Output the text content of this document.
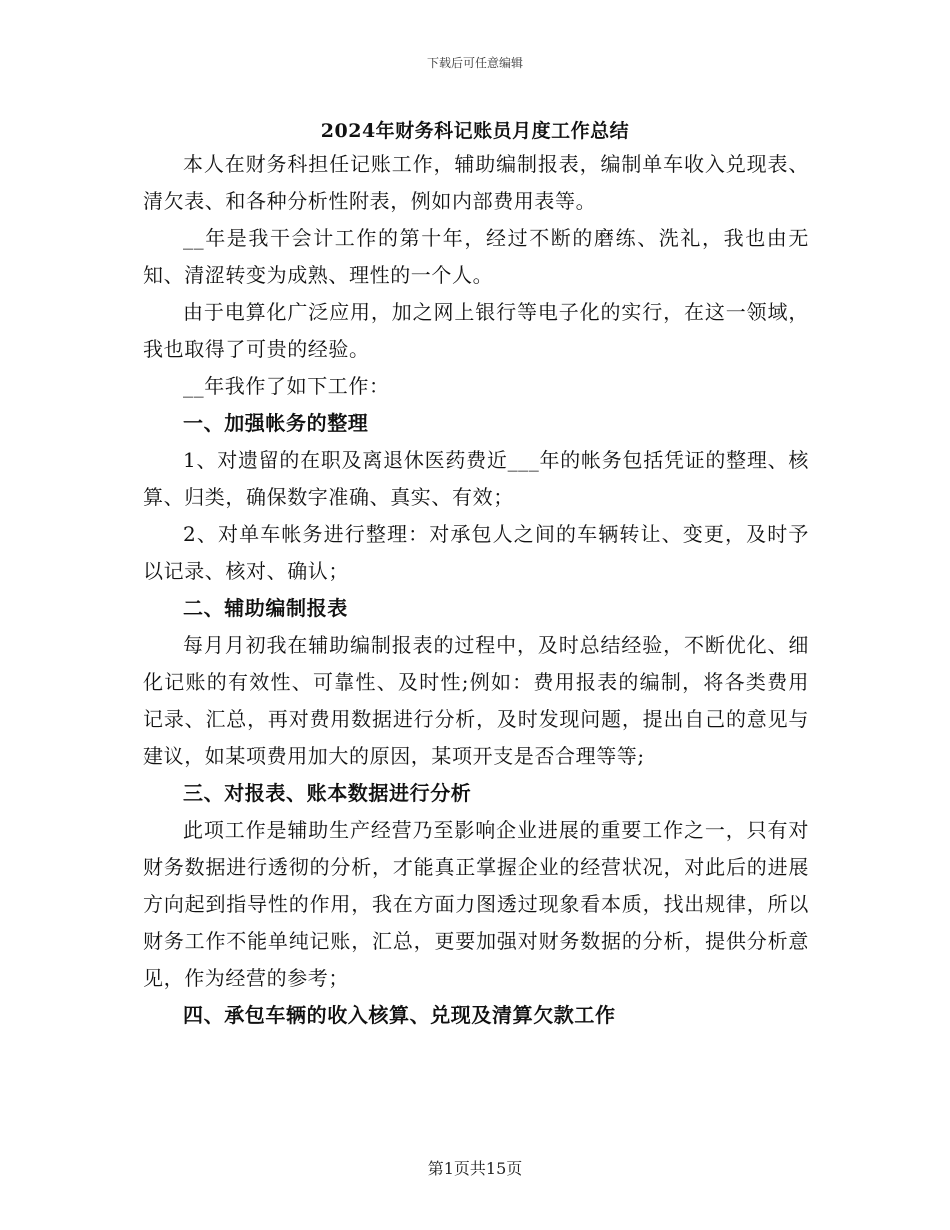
下载后可任意编辑
2024年财务科记账员月度工作总结

本人在财务科担任记账工作，辅助编制报表，编制单车收入兑现表、清欠表、和各种分析性附表，例如内部费用表等。

__年是我干会计工作的第十年，经过不断的磨练、洗礼，我也由无知、清涩转变为成熟、理性的一个人。

由于电算化广泛应用，加之网上银行等电子化的实行，在这一领域，我也取得了可贵的经验。

__年我作了如下工作：

一、加强帐务的整理

1、对遗留的在职及离退休医药费近___年的帐务包括凭证的整理、核算、归类，确保数字准确、真实、有效；

2、对单车帐务进行整理：对承包人之间的车辆转让、变更，及时予以记录、核对、确认；

二、辅助编制报表

每月月初我在辅助编制报表的过程中，及时总结经验，不断优化、细化记账的有效性、可靠性、及时性;例如：费用报表的编制，将各类费用记录、汇总，再对费用数据进行分析，及时发现问题，提出自己的意见与建议，如某项费用加大的原因，某项开支是否合理等等;

三、对报表、账本数据进行分析

此项工作是辅助生产经营乃至影响企业进展的重要工作之一，只有对财务数据进行透彻的分析，才能真正掌握企业的经营状况，对此后的进展方向起到指导性的作用，我在方面力图透过现象看本质，找出规律，所以财务工作不能单纯记账，汇总，更要加强对财务数据的分析，提供分析意见，作为经营的参考；

四、承包车辆的收入核算、兑现及清算欠款工作

第1页共15页
